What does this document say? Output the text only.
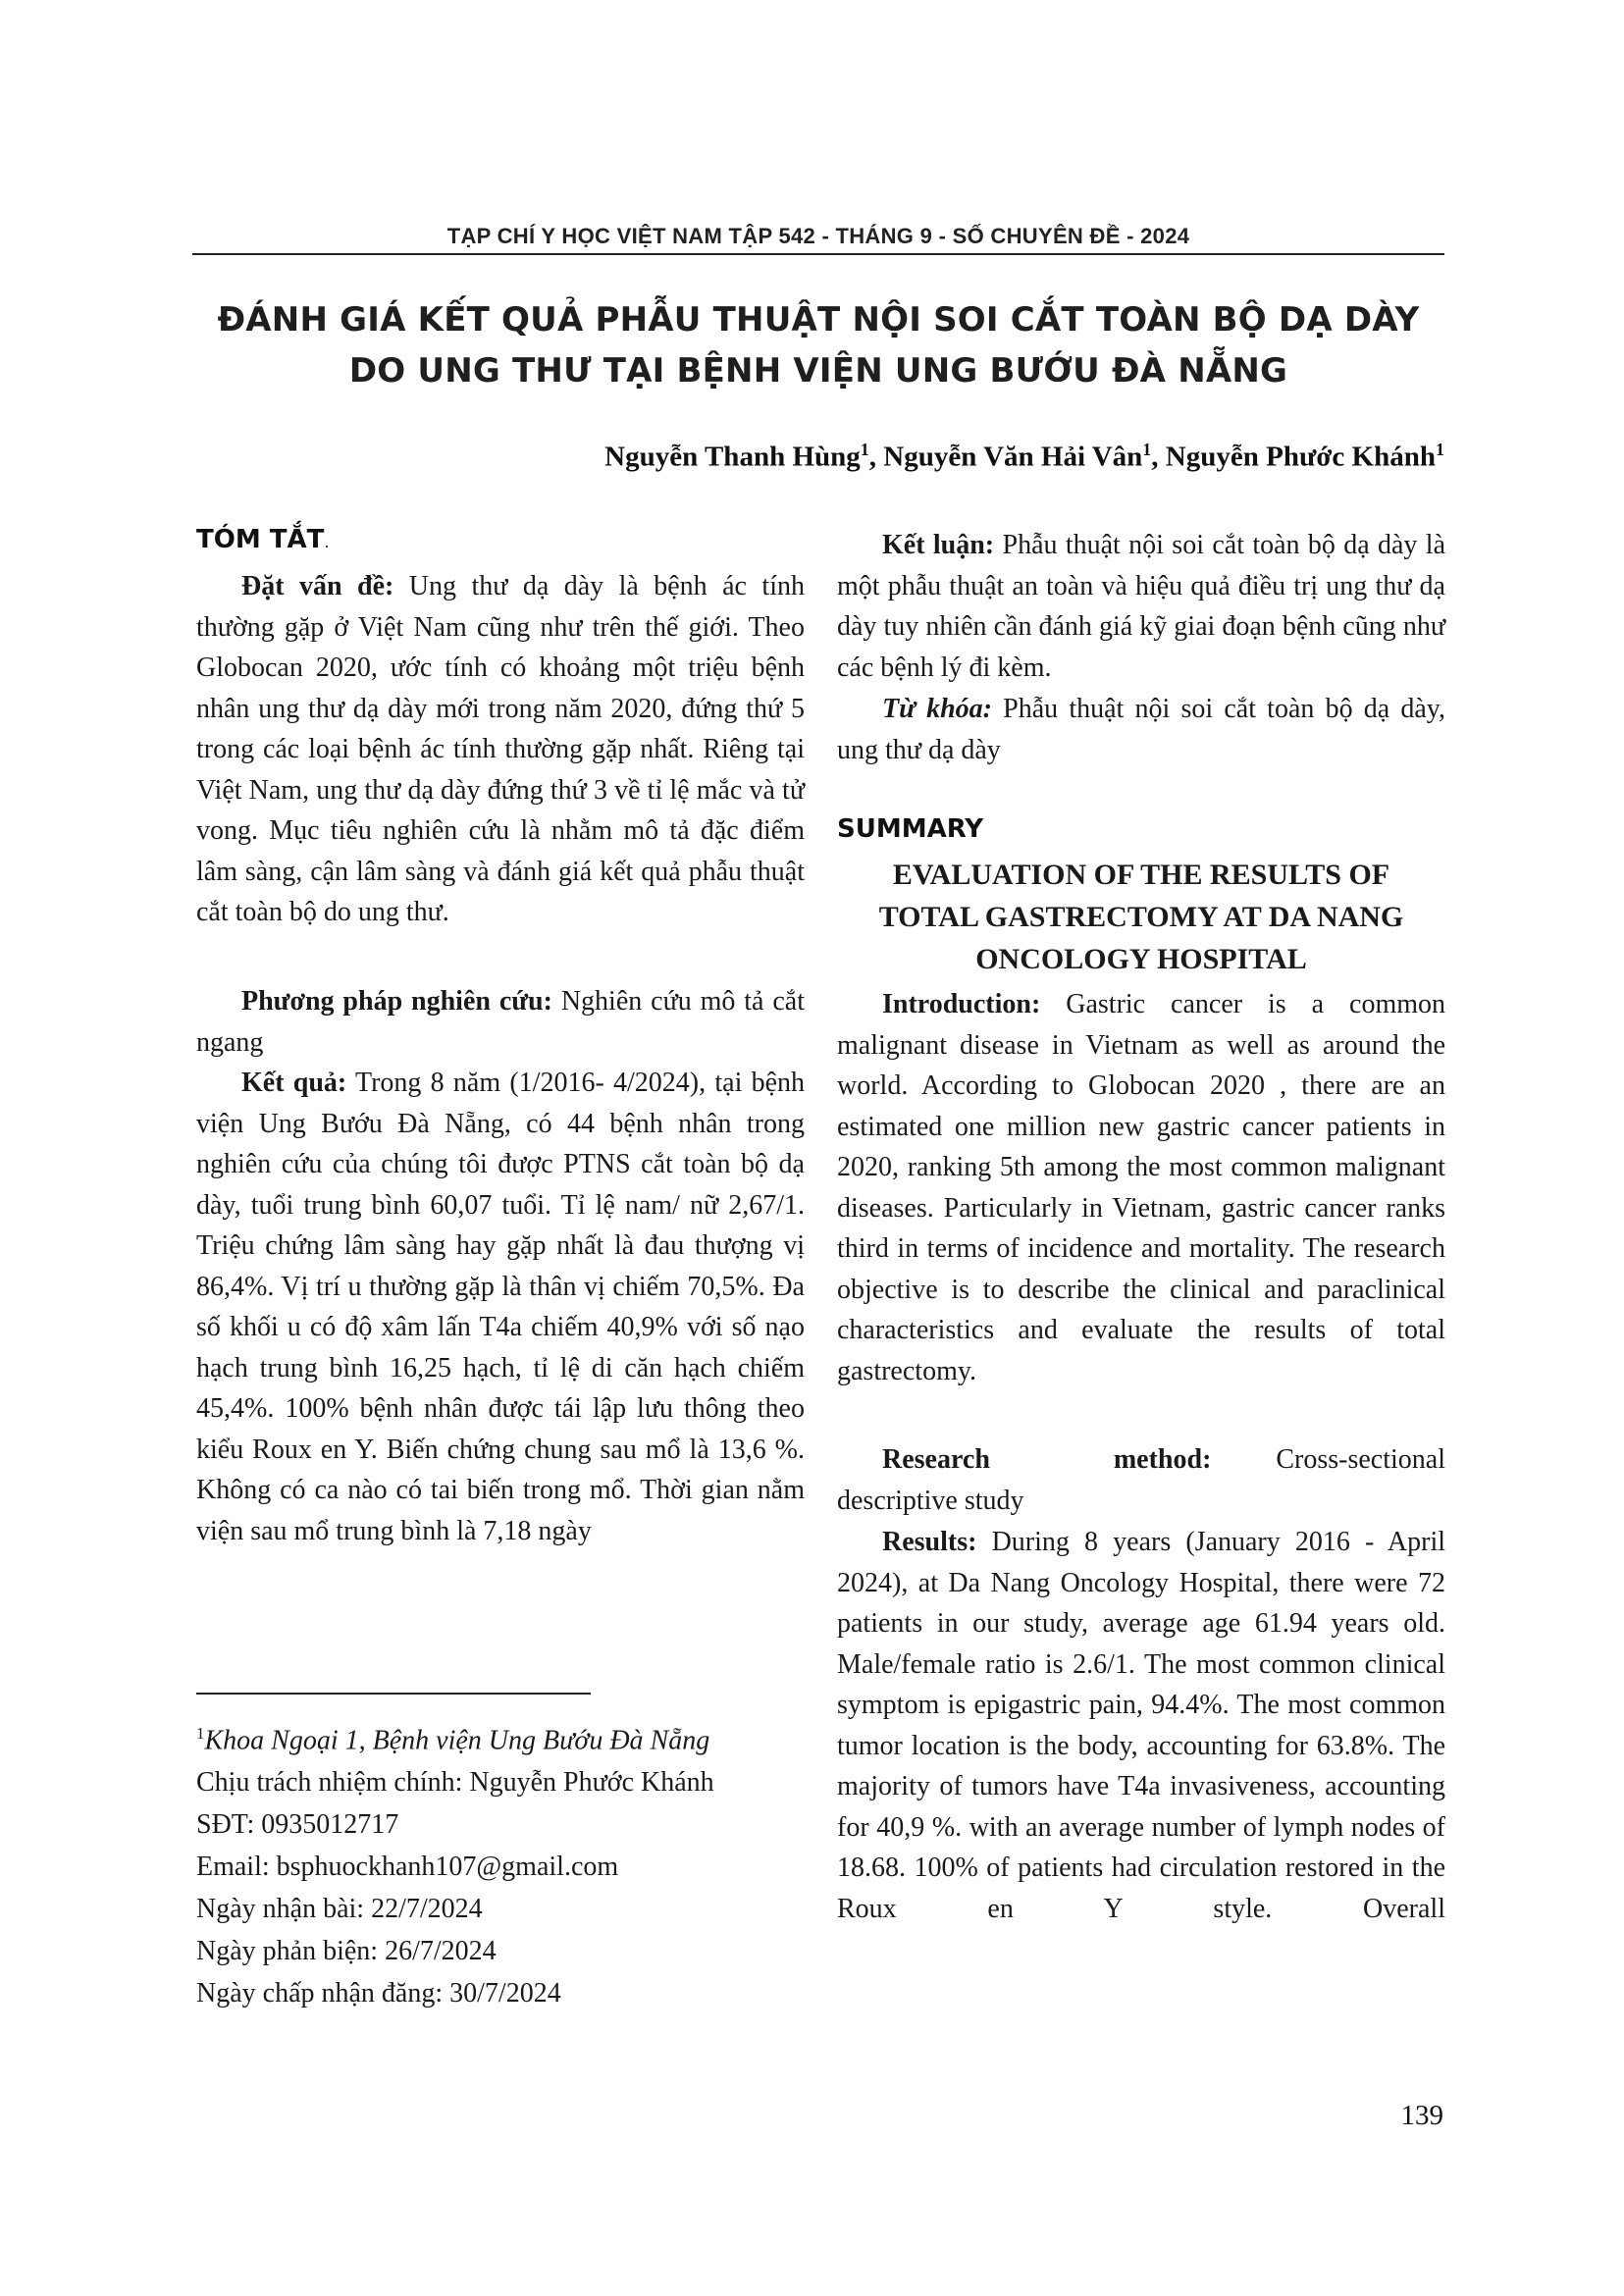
TẠP CHÍ Y HỌC VIỆT NAM TẬP 542 - THÁNG 9 - SỐ CHUYÊN ĐỀ - 2024
ĐÁNH GIÁ KẾT QUẢ PHẪU THUẬT NỘI SOI CẮT TOÀN BỘ DẠ DÀY
DO UNG THƯ TẠI BỆNH VIỆN UNG BƯỚU ĐÀ NẴNG
Nguyễn Thanh Hùng$^1$, Nguyễn Văn Hải Vân$^1$, Nguyễn Phước Khánh$^1$
TÓM TẮT.
Đặt vấn đề: Ung thư dạ dày là bệnh ác tính thường gặp ở Việt Nam cũng như trên thế giới. Theo Globocan 2020, ước tính có khoảng một triệu bệnh nhân ung thư dạ dày mới trong năm 2020, đứng thứ 5 trong các loại bệnh ác tính thường gặp nhất. Riêng tại Việt Nam, ung thư dạ dày đứng thứ 3 về tỉ lệ mắc và tử vong. Mục tiêu nghiên cứu là nhằm mô tả đặc điểm lâm sàng, cận lâm sàng và đánh giá kết quả phẫu thuật cắt toàn bộ do ung thư.
Phương pháp nghiên cứu: Nghiên cứu mô tả cắt ngang
Kết quả: Trong 8 năm (1/2016- 4/2024), tại bệnh viện Ung Bướu Đà Nẵng, có 44 bệnh nhân trong nghiên cứu của chúng tôi được PTNS cắt toàn bộ dạ dày, tuổi trung bình 60,07 tuổi. Tỉ lệ nam/ nữ 2,67/1. Triệu chứng lâm sàng hay gặp nhất là đau thượng vị 86,4%. Vị trí u thường gặp là thân vị chiếm 70,5%. Đa số khối u có độ xâm lấn T4a chiếm 40,9% với số nạo hạch trung bình 16,25 hạch, tỉ lệ di căn hạch chiếm 45,4%. 100% bệnh nhân được tái lập lưu thông theo kiểu Roux en Y. Biến chứng chung sau mổ là 13,6 %. Không có ca nào có tai biến trong mổ. Thời gian nằm viện sau mổ trung bình là 7,18 ngày
$^1$Khoa Ngoại 1, Bệnh viện Ung Bướu Đà Nẵng
Chịu trách nhiệm chính: Nguyễn Phước Khánh
SĐT: 0935012717
Email: bsphuockhanh107@gmail.com
Ngày nhận bài: 22/7/2024
Ngày phản biện: 26/7/2024
Ngày chấp nhận đăng: 30/7/2024
Kết luận: Phẫu thuật nội soi cắt toàn bộ dạ dày là một phẫu thuật an toàn và hiệu quả điều trị ung thư dạ dày tuy nhiên cần đánh giá kỹ giai đoạn bệnh cũng như các bệnh lý đi kèm.
Từ khóa: Phẫu thuật nội soi cắt toàn bộ dạ dày, ung thư dạ dày
SUMMARY
EVALUATION OF THE RESULTS OF
TOTAL GASTRECTOMY AT DA NANG
ONCOLOGY HOSPITAL
Introduction: Gastric cancer is a common malignant disease in Vietnam as well as around the world. According to Globocan 2020 , there are an estimated one million new gastric cancer patients in 2020, ranking 5th among the most common malignant diseases. Particularly in Vietnam, gastric cancer ranks third in terms of incidence and mortality. The research objective is to describe the clinical and paraclinical characteristics and evaluate the results of total gastrectomy.
Research method: Cross-sectional descriptive study
Results: During 8 years (January 2016 - April 2024), at Da Nang Oncology Hospital, there were 72 patients in our study, average age 61.94 years old. Male/female ratio is 2.6/1. The most common clinical symptom is epigastric pain, 94.4%. The most common tumor location is the body, accounting for 63.8%. The majority of tumors have T4a invasiveness, accounting for 40,9 %. with an average number of lymph nodes of 18.68. 100% of patients had circulation restored in the Roux en Y style. Overall
139
